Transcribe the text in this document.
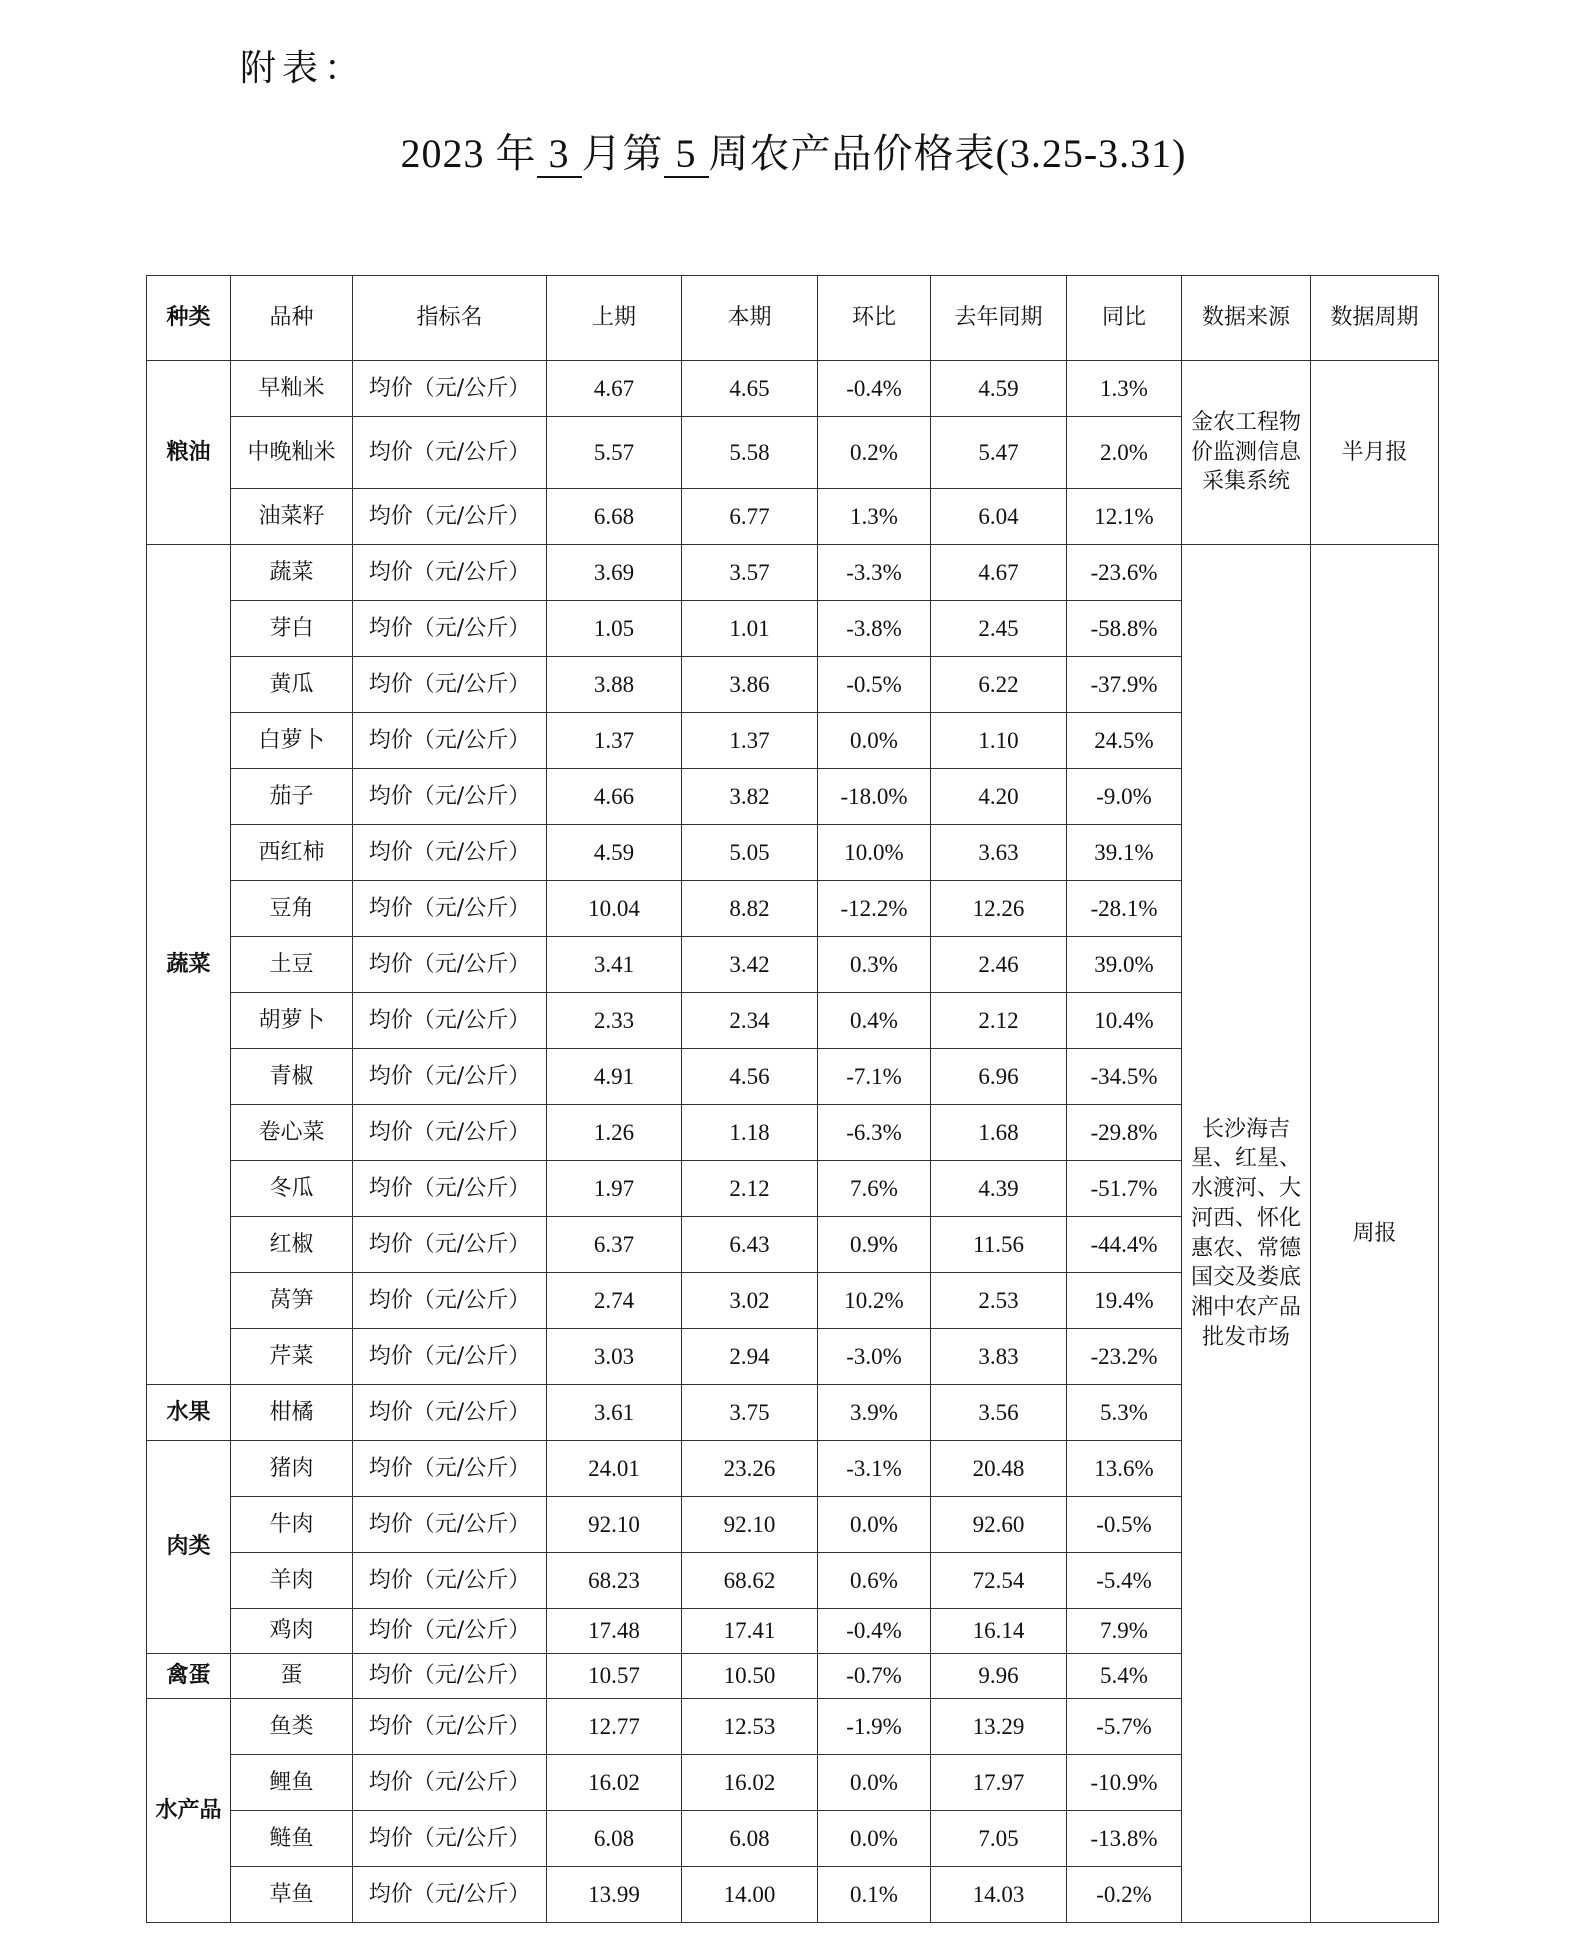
附表：
2023 年 3 月第 5 周农产品价格表(3.25-3.31)
种类	品种	指标名	上期	本期	环比	去年同期	同比	数据来源	数据周期
粮油	早籼米	均价（元/公斤）	4.67	4.65	-0.4%	4.59	1.3%	金农工程物价监测信息采集系统	半月报
	中晚籼米	均价（元/公斤）	5.57	5.58	0.2%	5.47	2.0%		
	油菜籽	均价（元/公斤）	6.68	6.77	1.3%	6.04	12.1%		
蔬菜	蔬菜	均价（元/公斤）	3.69	3.57	-3.3%	4.67	-23.6%	长沙海吉星、红星、水渡河、大河西、怀化惠农、常德国交及娄底湘中农产品批发市场	周报
	芽白	均价（元/公斤）	1.05	1.01	-3.8%	2.45	-58.8%		
	黄瓜	均价（元/公斤）	3.88	3.86	-0.5%	6.22	-37.9%		
	白萝卜	均价（元/公斤）	1.37	1.37	0.0%	1.10	24.5%		
	茄子	均价（元/公斤）	4.66	3.82	-18.0%	4.20	-9.0%		
	西红柿	均价（元/公斤）	4.59	5.05	10.0%	3.63	39.1%		
	豆角	均价（元/公斤）	10.04	8.82	-12.2%	12.26	-28.1%		
	土豆	均价（元/公斤）	3.41	3.42	0.3%	2.46	39.0%		
	胡萝卜	均价（元/公斤）	2.33	2.34	0.4%	2.12	10.4%		
	青椒	均价（元/公斤）	4.91	4.56	-7.1%	6.96	-34.5%		
	卷心菜	均价（元/公斤）	1.26	1.18	-6.3%	1.68	-29.8%		
	冬瓜	均价（元/公斤）	1.97	2.12	7.6%	4.39	-51.7%		
	红椒	均价（元/公斤）	6.37	6.43	0.9%	11.56	-44.4%		
	莴笋	均价（元/公斤）	2.74	3.02	10.2%	2.53	19.4%		
	芹菜	均价（元/公斤）	3.03	2.94	-3.0%	3.83	-23.2%		
水果	柑橘	均价（元/公斤）	3.61	3.75	3.9%	3.56	5.3%		
肉类	猪肉	均价（元/公斤）	24.01	23.26	-3.1%	20.48	13.6%		
	牛肉	均价（元/公斤）	92.10	92.10	0.0%	92.60	-0.5%		
	羊肉	均价（元/公斤）	68.23	68.62	0.6%	72.54	-5.4%		
	鸡肉	均价（元/公斤）	17.48	17.41	-0.4%	16.14	7.9%		
禽蛋	蛋	均价（元/公斤）	10.57	10.50	-0.7%	9.96	5.4%		
水产品	鱼类	均价（元/公斤）	12.77	12.53	-1.9%	13.29	-5.7%		
	鲤鱼	均价（元/公斤）	16.02	16.02	0.0%	17.97	-10.9%		
	鲢鱼	均价（元/公斤）	6.08	6.08	0.0%	7.05	-13.8%		
	草鱼	均价（元/公斤）	13.99	14.00	0.1%	14.03	-0.2%		
